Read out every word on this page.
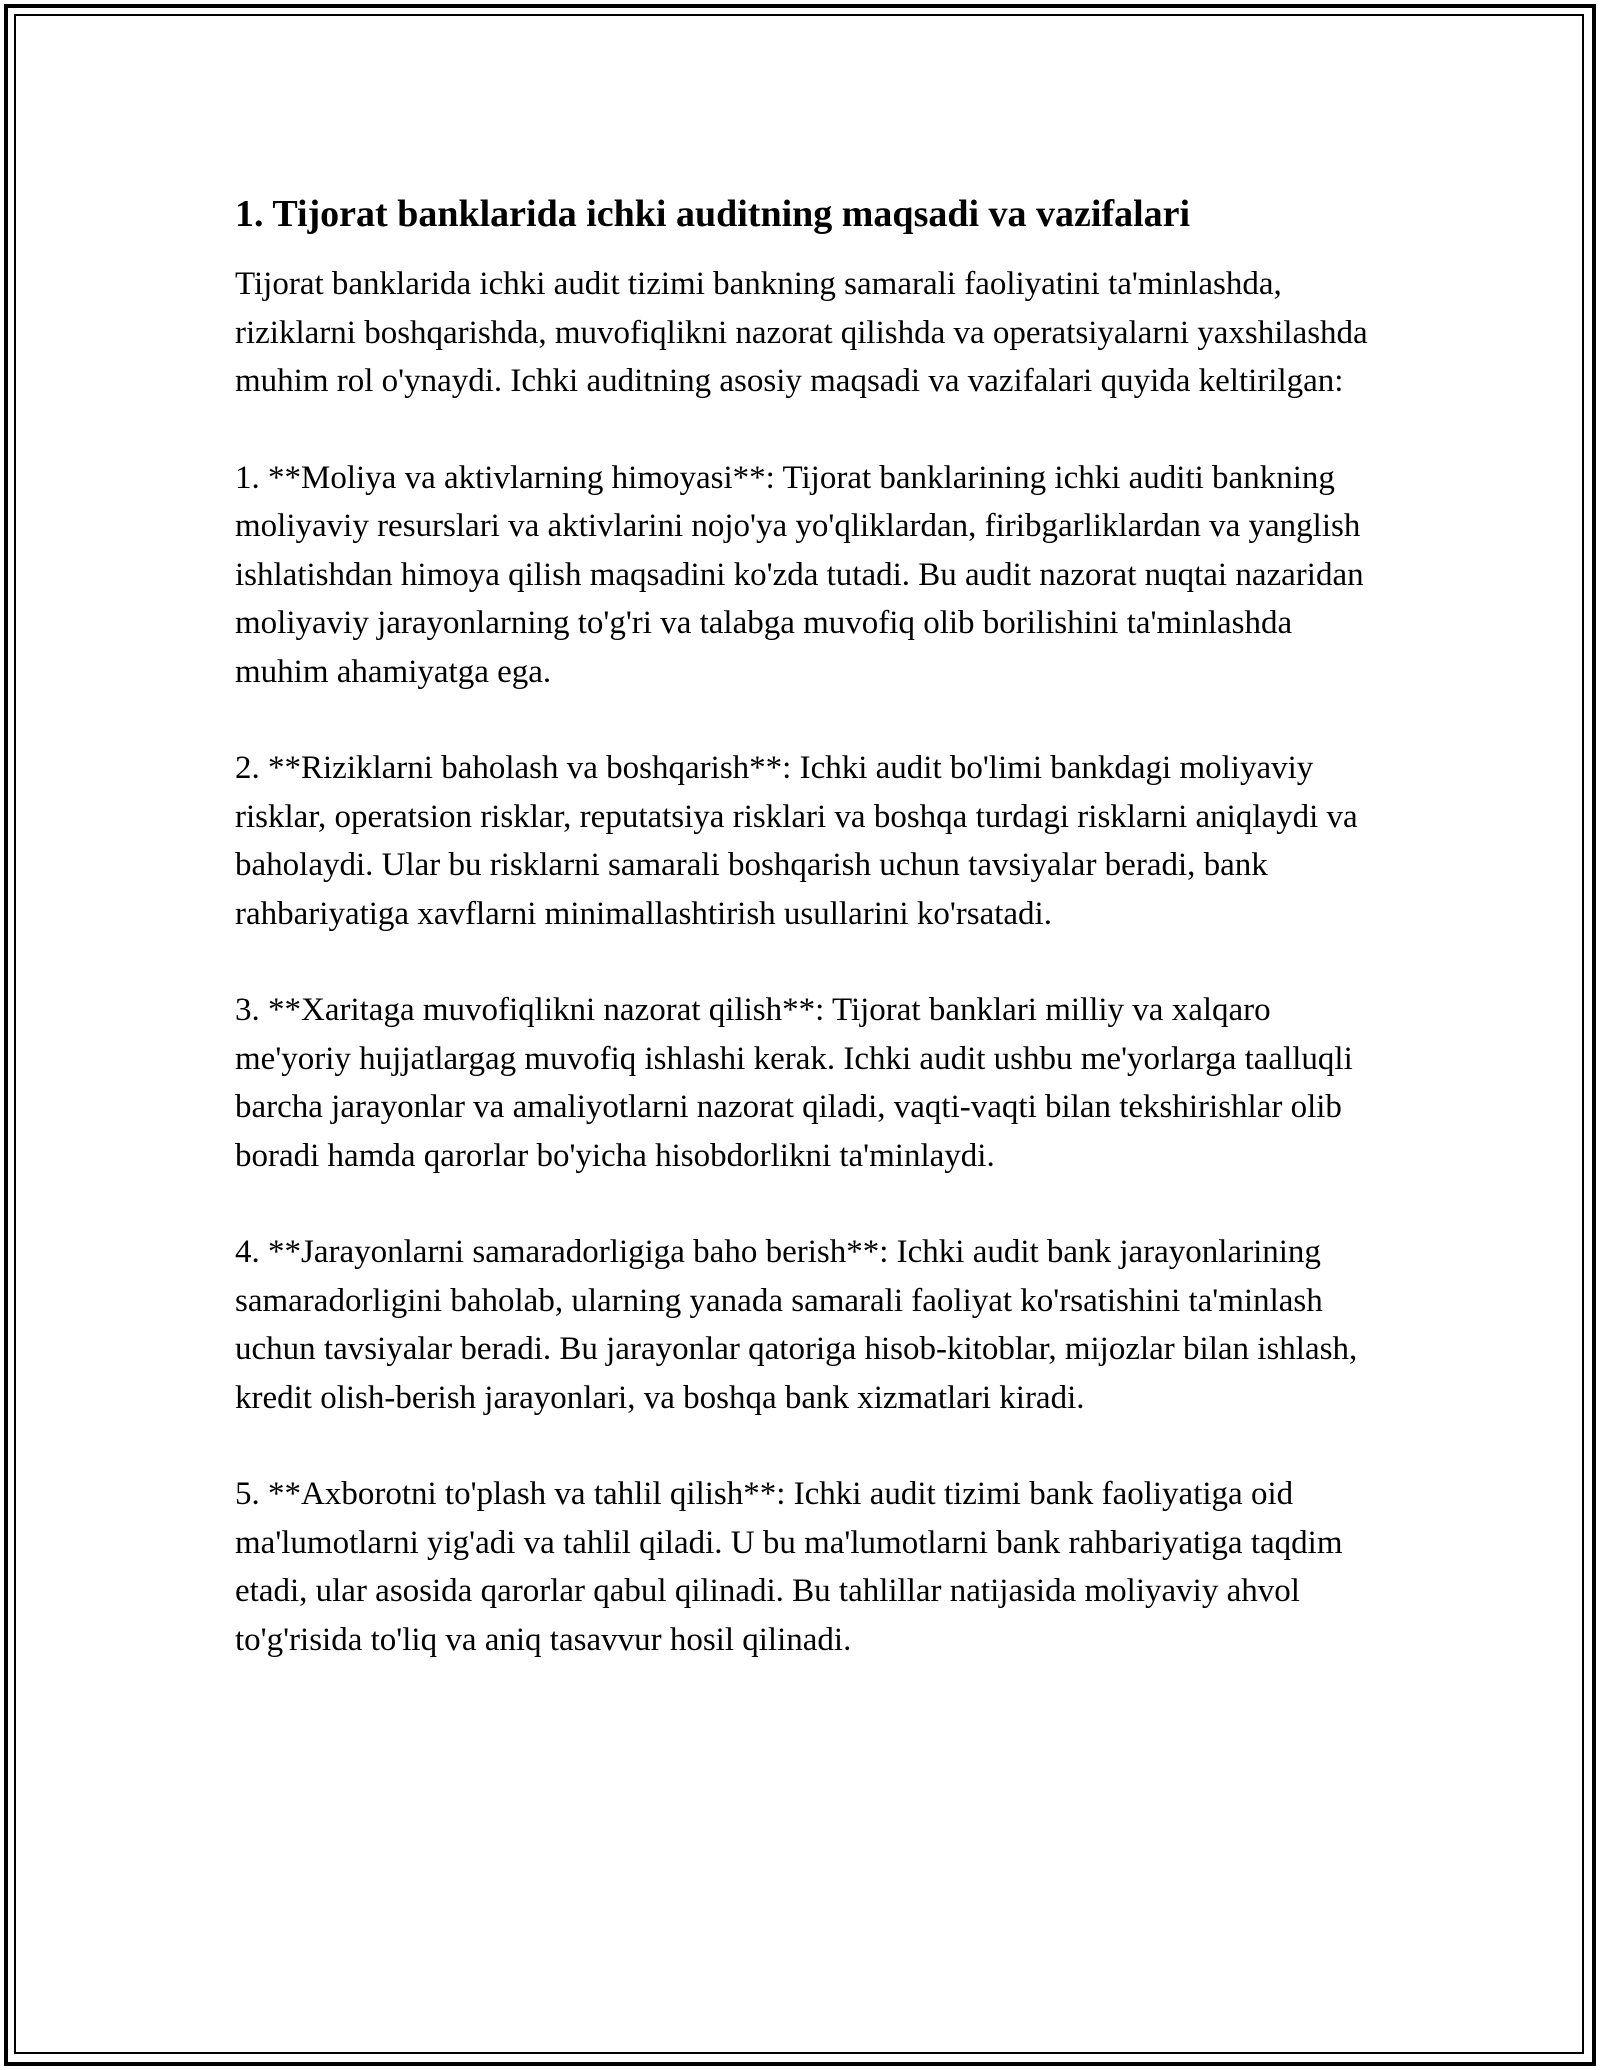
1. Tijorat banklarida ichki auditning maqsadi va vazifalari

Tijorat banklarida ichki audit tizimi bankning samarali faoliyatini ta'minlashda, riziklarni boshqarishda, muvofiqlikni nazorat qilishda va operatsiyalarni yaxshilashda muhim rol o'ynaydi. Ichki auditning asosiy maqsadi va vazifalari quyida keltirilgan:

1. **Moliya va aktivlarning himoyasi**: Tijorat banklarining ichki auditi bankning moliyaviy resurslari va aktivlarini nojo'ya yo'qliklardan, firibgarliklardan va yanglish ishlatishdan himoya qilish maqsadini ko'zda tutadi. Bu audit nazorat nuqtai nazaridan moliyaviy jarayonlarning to'g'ri va talabga muvofiq olib borilishini ta'minlashda muhim ahamiyatga ega.

2. **Riziklarni baholash va boshqarish**: Ichki audit bo'limi bankdagi moliyaviy risklar, operatsion risklar, reputatsiya risklari va boshqa turdagi risklarni aniqlaydi va baholaydi. Ular bu risklarni samarali boshqarish uchun tavsiyalar beradi, bank rahbariyatiga xavflarni minimallashtirish usullarini ko'rsatadi.

3. **Xaritaga muvofiqlikni nazorat qilish**: Tijorat banklari milliy va xalqaro me'yoriy hujjatlargag muvofiq ishlashi kerak. Ichki audit ushbu me'yorlarga taalluqli barcha jarayonlar va amaliyotlarni nazorat qiladi, vaqti-vaqti bilan tekshirishlar olib boradi hamda qarorlar bo'yicha hisobdorlikni ta'minlaydi.

4. **Jarayonlarni samaradorligiga baho berish**: Ichki audit bank jarayonlarining samaradorligini baholab, ularning yanada samarali faoliyat ko'rsatishini ta'minlash uchun tavsiyalar beradi. Bu jarayonlar qatoriga hisob-kitoblar, mijozlar bilan ishlash, kredit olish-berish jarayonlari, va boshqa bank xizmatlari kiradi.

5. **Axborotni to'plash va tahlil qilish**: Ichki audit tizimi bank faoliyatiga oid ma'lumotlarni yig'adi va tahlil qiladi. U bu ma'lumotlarni bank rahbariyatiga taqdim etadi, ular asosida qarorlar qabul qilinadi. Bu tahlillar natijasida moliyaviy ahvol to'g'risida to'liq va aniq tasavvur hosil qilinadi.
